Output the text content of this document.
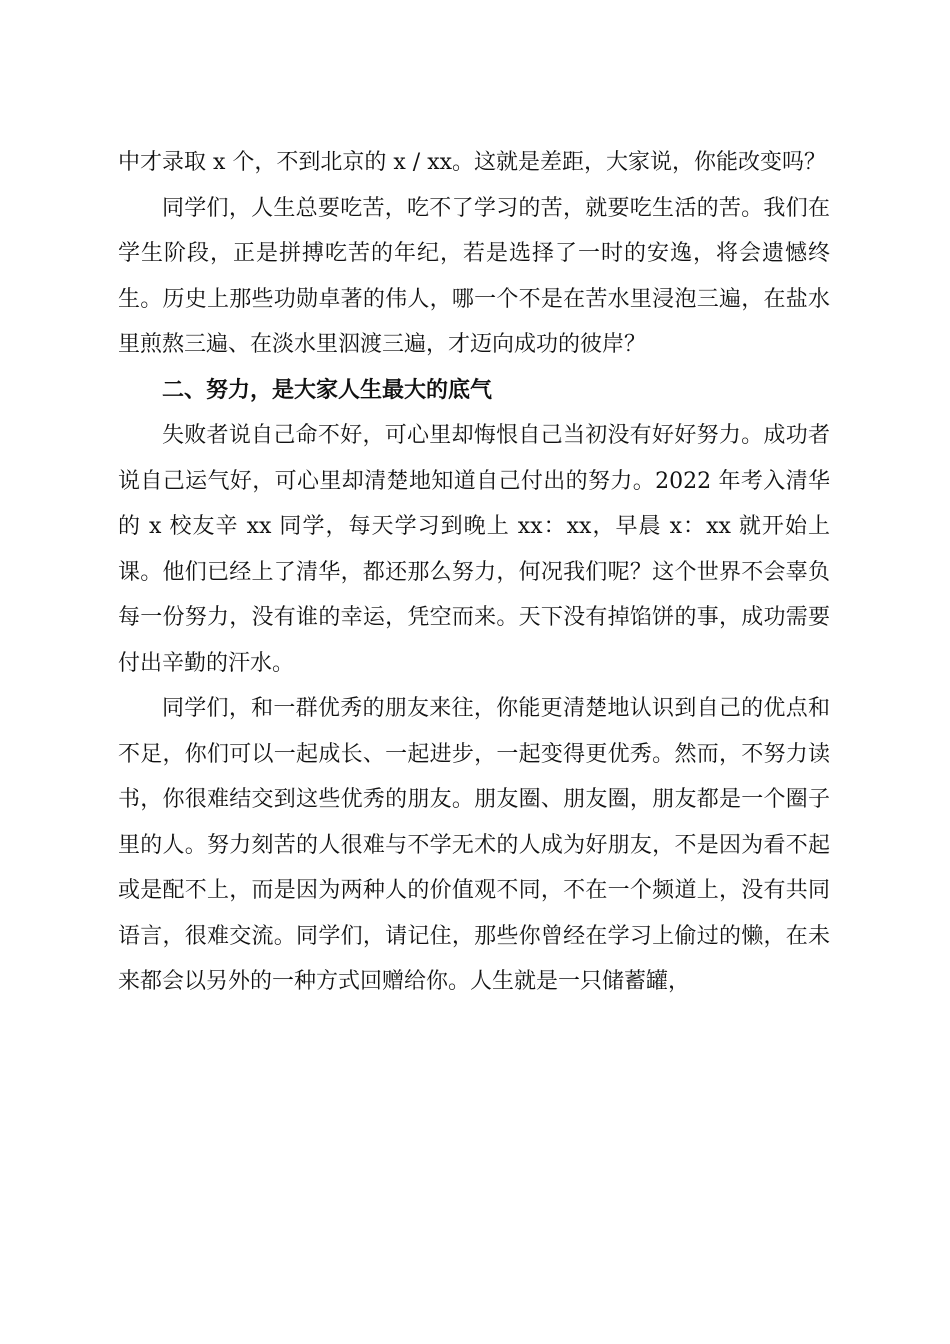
中才录取 x 个，不到北京的 x / xx。这就是差距，大家说，你能改变吗？

同学们，人生总要吃苦，吃不了学习的苦，就要吃生活的苦。我们在学生阶段，正是拼搏吃苦的年纪，若是选择了一时的安逸，将会遗憾终生。历史上那些功勋卓著的伟人，哪一个不是在苦水里浸泡三遍，在盐水里煎熬三遍、在淡水里泅渡三遍，才迈向成功的彼岸？

二、努力，是大家人生最大的底气

失败者说自己命不好，可心里却悔恨自己当初没有好好努力。成功者说自己运气好，可心里却清楚地知道自己付出的努力。2022 年考入清华的 x 校友辛 xx 同学，每天学习到晚上 xx：xx，早晨 x：xx 就开始上课。他们已经上了清华，都还那么努力，何况我们呢？这个世界不会辜负每一份努力，没有谁的幸运，凭空而来。天下没有掉馅饼的事，成功需要付出辛勤的汗水。

同学们，和一群优秀的朋友来往，你能更清楚地认识到自己的优点和不足，你们可以一起成长、一起进步，一起变得更优秀。然而，不努力读书，你很难结交到这些优秀的朋友。朋友圈、朋友圈，朋友都是一个圈子里的人。努力刻苦的人很难与不学无术的人成为好朋友，不是因为看不起或是配不上，而是因为两种人的价值观不同，不在一个频道上，没有共同语言，很难交流。同学们，请记住，那些你曾经在学习上偷过的懒，在未来都会以另外的一种方式回赠给你。人生就是一只储蓄罐，
